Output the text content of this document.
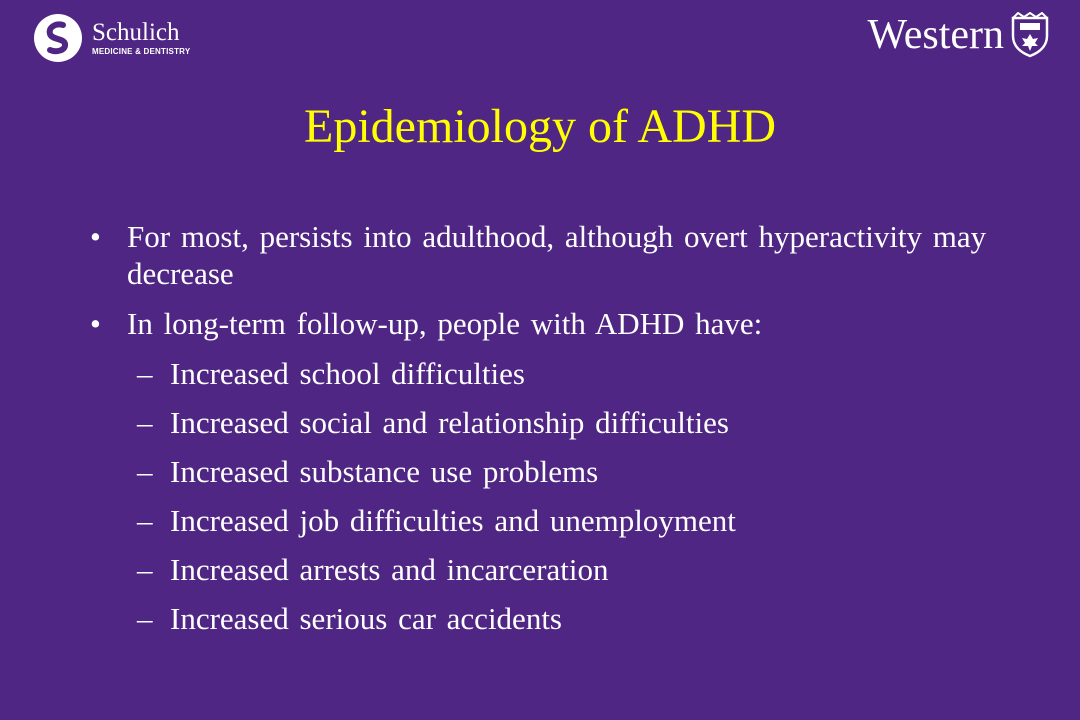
Schulich
MEDICINE & DENTISTRY	Western
Epidemiology of ADHD
• For most, persists into adulthood, although overt hyperactivity may decrease
• In long-term follow-up, people with ADHD have:
– Increased school difficulties
– Increased social and relationship difficulties
– Increased substance use problems
– Increased job difficulties and unemployment
– Increased arrests and incarceration
– Increased serious car accidents
